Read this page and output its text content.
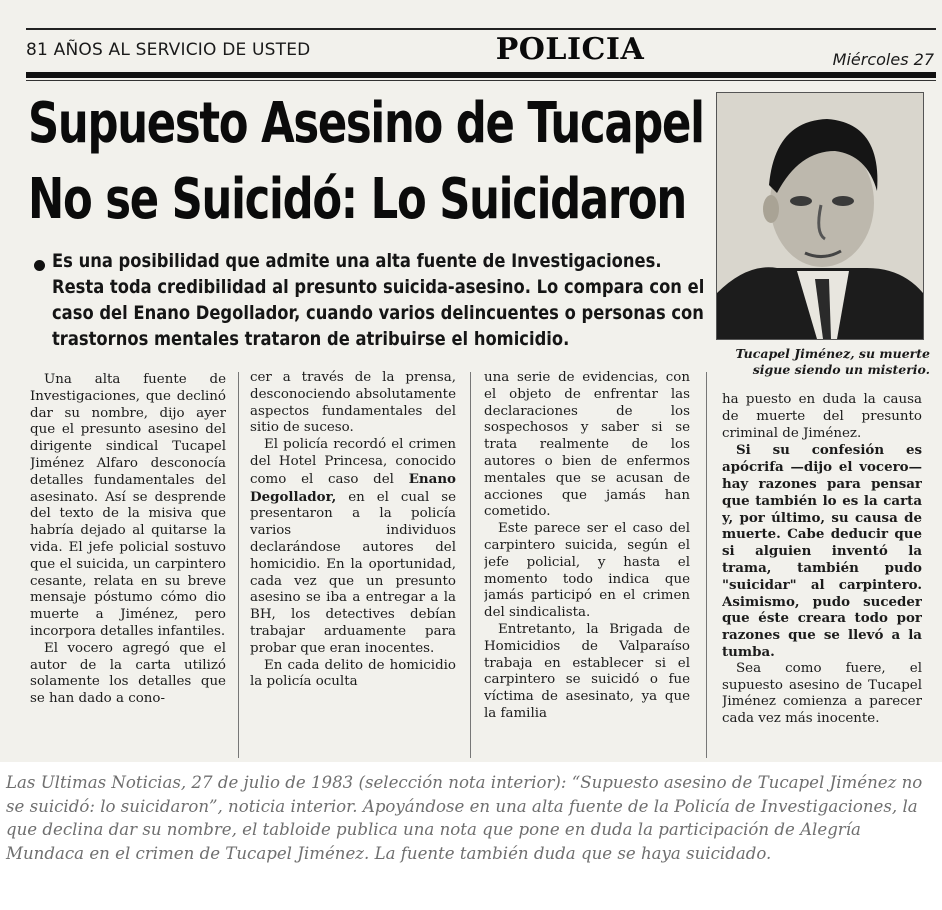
81 AÑOS AL SERVICIO DE USTED	POLICIA	Miércoles 27
Supuesto Asesino de Tucapel
No se Suicidó: Lo Suicidaron
Es una posibilidad que admite una alta fuente de Investigaciones. Resta toda credibilidad al presunto suicida-asesino. Lo compara con el caso del Enano Degollador, cuando varios delincuentes o personas con trastornos mentales trataron de atribuirse el homicidio.
Tucapel Jiménez, su muerte sigue siendo un misterio.

Una alta fuente de Investigaciones, que declinó dar su nombre, dijo ayer que el presunto asesino del dirigente sindical Tucapel Jiménez Alfaro desconocía detalles fundamentales del asesinato. Así se desprende del texto de la misiva que habría dejado al quitarse la vida. El jefe policial sostuvo que el suicida, un carpintero cesante, relata en su breve mensaje póstumo cómo dio muerte a Jiménez, pero incorpora detalles infantiles.

El vocero agregó que el autor de la carta utilizó solamente los detalles que se han dado a cono-

cer a través de la prensa, desconociendo absolutamente aspectos fundamentales del sitio de suceso.

El policía recordó el crimen del Hotel Princesa, conocido como el caso del Enano Degollador, en el cual se presentaron a la policía varios individuos declarándose autores del homicidio. En la oportunidad, cada vez que un presunto asesino se iba a entregar a la BH, los detectives debían trabajar arduamente para probar que eran inocentes.

En cada delito de homicidio la policía oculta

una serie de evidencias, con el objeto de enfrentar las declaraciones de los sospechosos y saber si se trata realmente de los autores o bien de enfermos mentales que se acusan de acciones que jamás han cometido.

Este parece ser el caso del carpintero suicida, según el jefe policial, y hasta el momento todo indica que jamás participó en el crimen del sindicalista.

Entretanto, la Brigada de Homicidios de Valparaíso trabaja en establecer si el carpintero se suicidó o fue víctima de asesinato, ya que la familia

ha puesto en duda la causa de muerte del presunto criminal de Jiménez.

Si su confesión es apócrifa —dijo el vocero— hay razones para pensar que también lo es la carta y, por último, su causa de muerte. Cabe deducir que si alguien inventó la trama, también pudo "suicidar" al carpintero. Asimismo, pudo suceder que éste creara todo por razones que se llevó a la tumba.

Sea como fuere, el supuesto asesino de Tucapel Jiménez comienza a parecer cada vez más inocente.

Las Ultimas Noticias, 27 de julio de 1983 (selección nota interior): “Supuesto asesino de Tucapel Jiménez no se suicidó: lo suicidaron”, noticia interior. Apoyándose en una alta fuente de la Policía de Investigaciones, la que declina dar su nombre, el tabloide publica una nota que pone en duda la participación de Alegría Mundaca en el crimen de Tucapel Jiménez. La fuente también duda que se haya suicidado.
